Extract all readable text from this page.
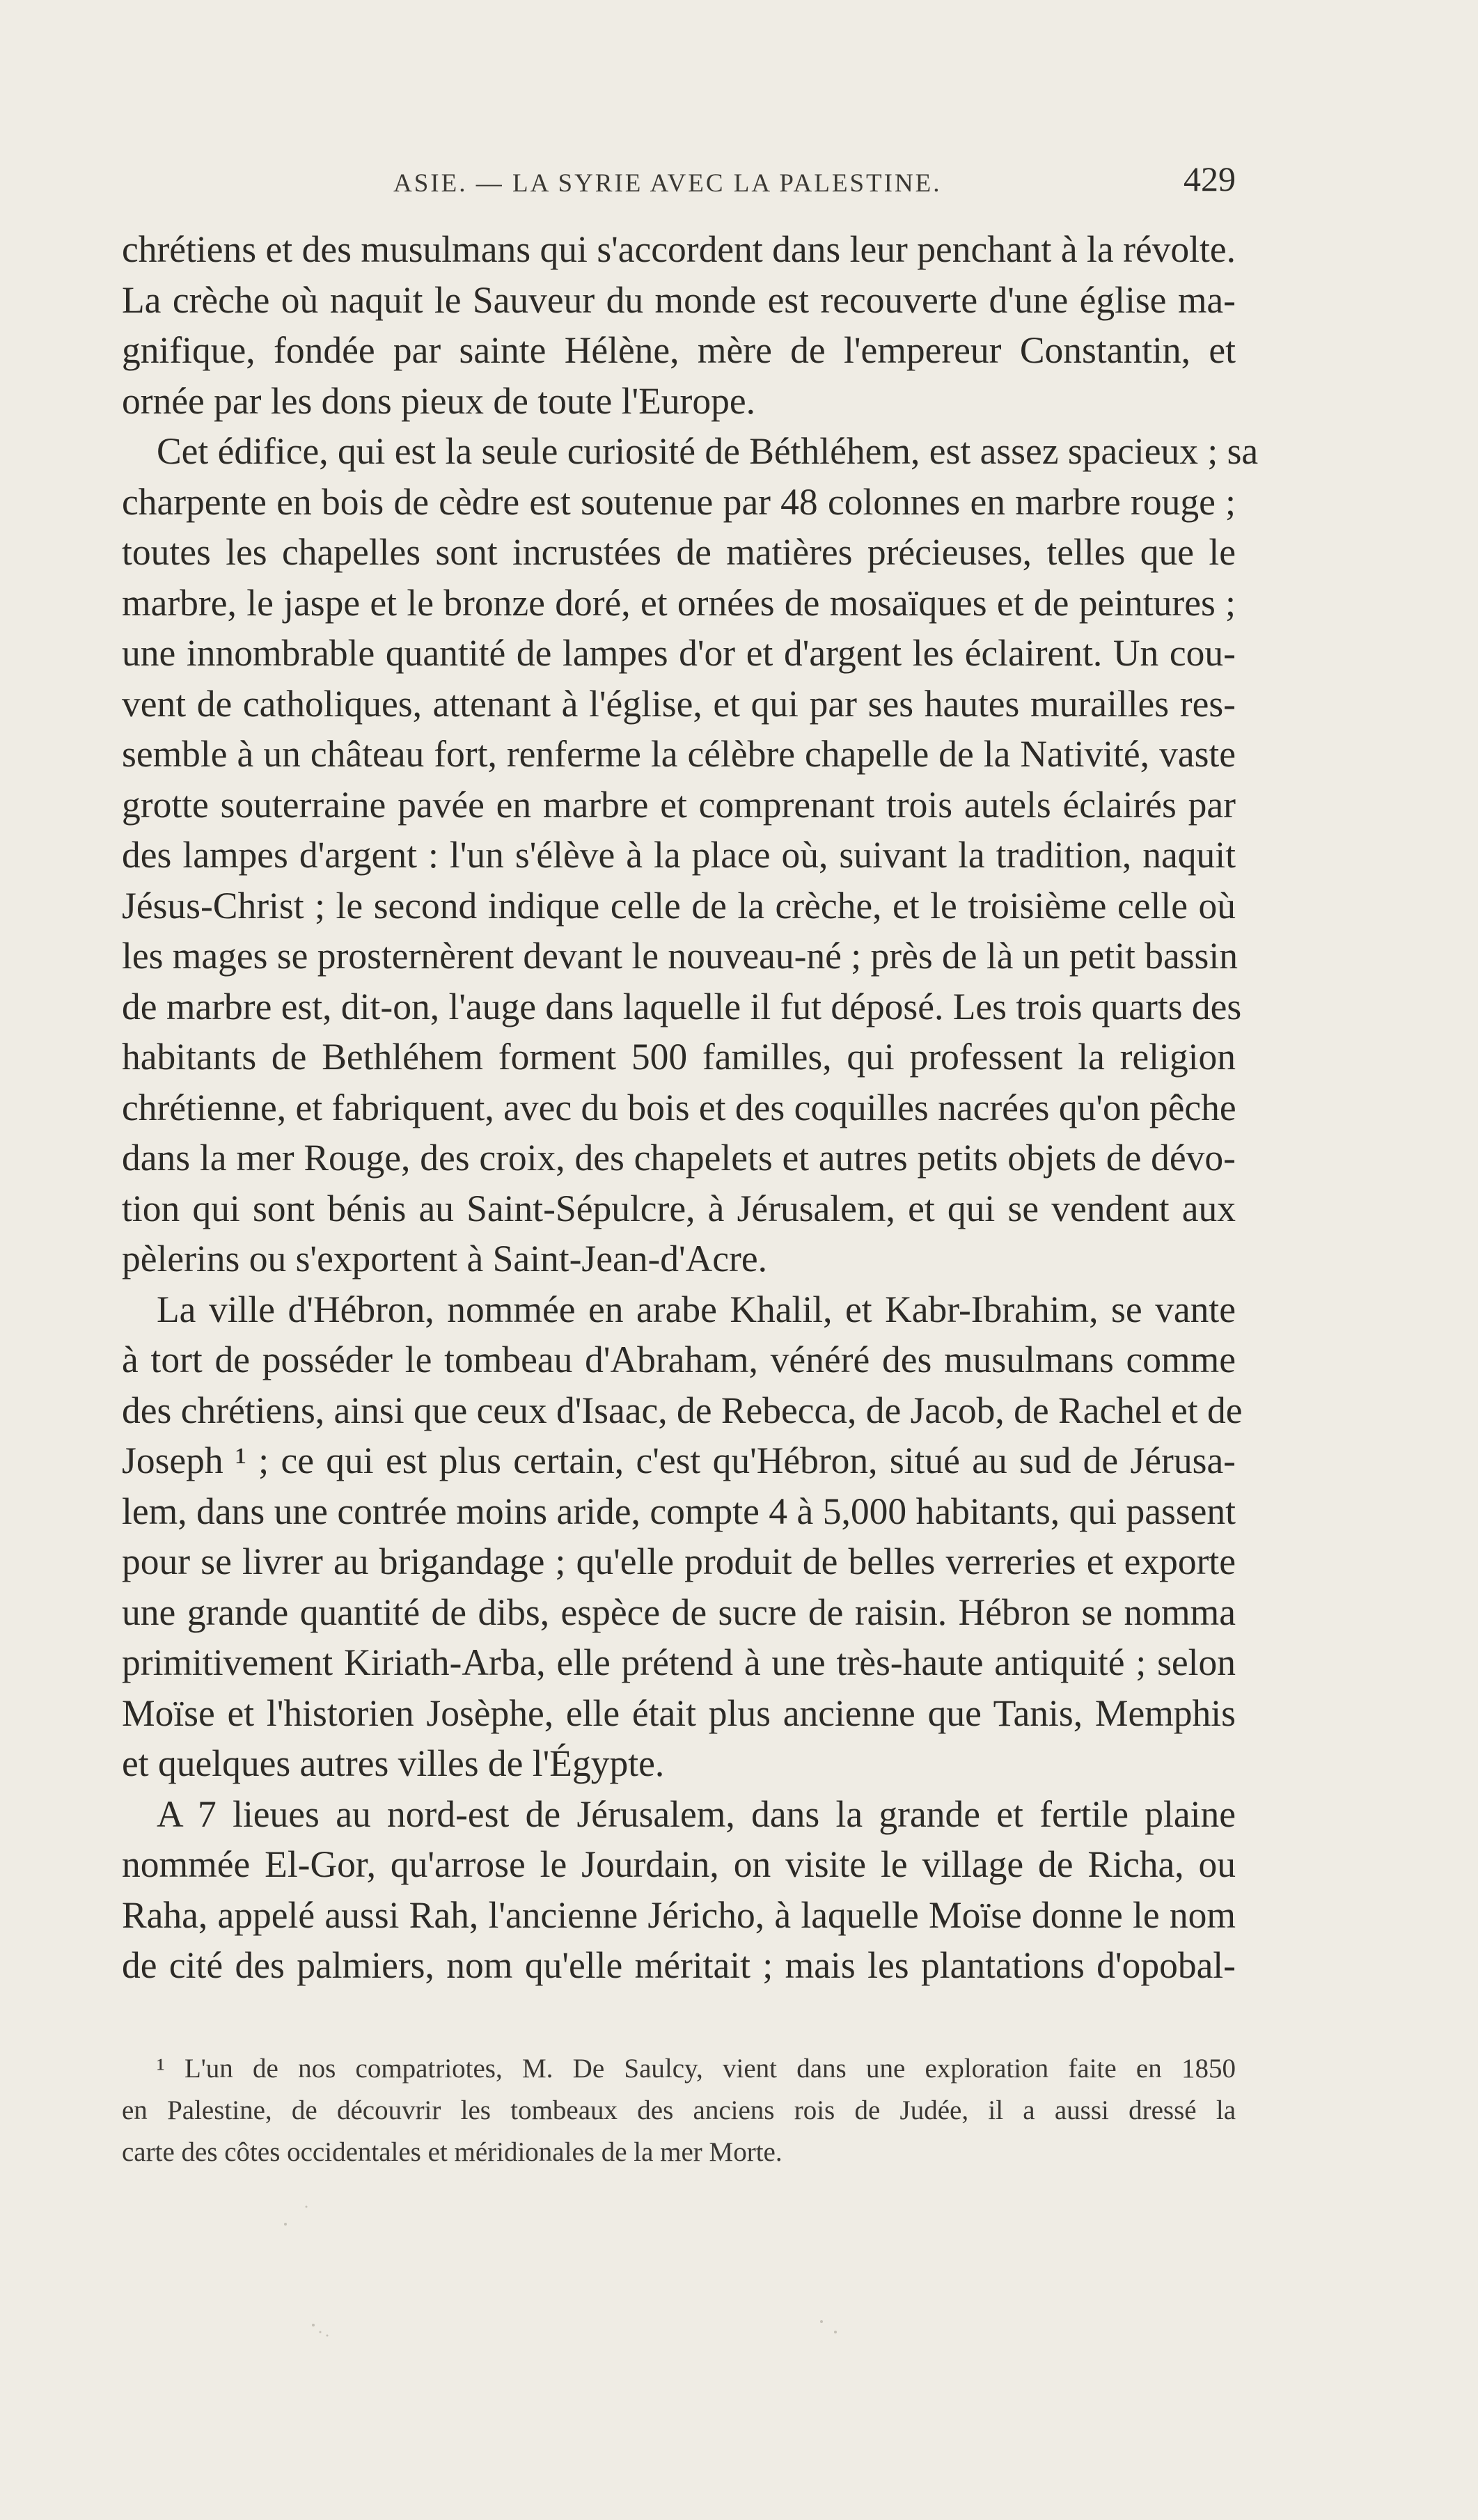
ASIE. — LA SYRIE AVEC LA PALESTINE.	429
chrétiens et des musulmans qui s'accordent dans leur penchant à la révolte.
La crèche où naquit le Sauveur du monde est recouverte d'une église ma-
gnifique, fondée par sainte Hélène, mère de l'empereur Constantin, et
ornée par les dons pieux de toute l'Europe.
Cet édifice, qui est la seule curiosité de Béthléhem, est assez spacieux ; sa
charpente en bois de cèdre est soutenue par 48 colonnes en marbre rouge ;
toutes les chapelles sont incrustées de matières précieuses, telles que le
marbre, le jaspe et le bronze doré, et ornées de mosaïques et de peintures ;
une innombrable quantité de lampes d'or et d'argent les éclairent. Un cou-
vent de catholiques, attenant à l'église, et qui par ses hautes murailles res-
semble à un château fort, renferme la célèbre chapelle de la Nativité, vaste
grotte souterraine pavée en marbre et comprenant trois autels éclairés par
des lampes d'argent : l'un s'élève à la place où, suivant la tradition, naquit
Jésus-Christ ; le second indique celle de la crèche, et le troisième celle où
les mages se prosternèrent devant le nouveau-né ; près de là un petit bassin
de marbre est, dit-on, l'auge dans laquelle il fut déposé. Les trois quarts des
habitants de Bethléhem forment 500 familles, qui professent la religion
chrétienne, et fabriquent, avec du bois et des coquilles nacrées qu'on pêche
dans la mer Rouge, des croix, des chapelets et autres petits objets de dévo-
tion qui sont bénis au Saint-Sépulcre, à Jérusalem, et qui se vendent aux
pèlerins ou s'exportent à Saint-Jean-d'Acre.
La ville d'Hébron, nommée en arabe Khalil, et Kabr-Ibrahim, se vante
à tort de posséder le tombeau d'Abraham, vénéré des musulmans comme
des chrétiens, ainsi que ceux d'Isaac, de Rebecca, de Jacob, de Rachel et de
Joseph ¹ ; ce qui est plus certain, c'est qu'Hébron, situé au sud de Jérusa-
lem, dans une contrée moins aride, compte 4 à 5,000 habitants, qui passent
pour se livrer au brigandage ; qu'elle produit de belles verreries et exporte
une grande quantité de dibs, espèce de sucre de raisin. Hébron se nomma
primitivement Kiriath-Arba, elle prétend à une très-haute antiquité ; selon
Moïse et l'historien Josèphe, elle était plus ancienne que Tanis, Memphis
et quelques autres villes de l'Égypte.
A 7 lieues au nord-est de Jérusalem, dans la grande et fertile plaine
nommée El-Gor, qu'arrose le Jourdain, on visite le village de Richa, ou
Raha, appelé aussi Rah, l'ancienne Jéricho, à laquelle Moïse donne le nom
de cité des palmiers, nom qu'elle méritait ; mais les plantations d'opobal-
¹ L'un de nos compatriotes, M. De Saulcy, vient dans une exploration faite en 1850
en Palestine, de découvrir les tombeaux des anciens rois de Judée, il a aussi dressé la
carte des côtes occidentales et méridionales de la mer Morte.
